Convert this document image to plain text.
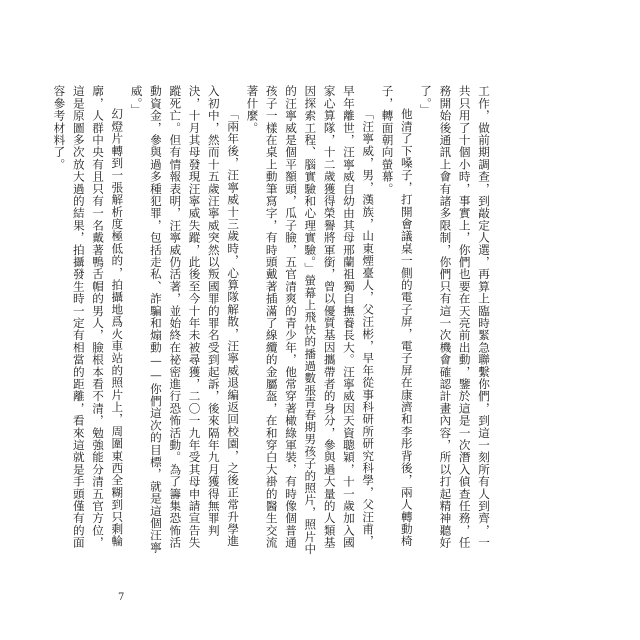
工作，做前期調查，到敲定人選，再算上臨時緊急聯繫你們，到這一刻所有人到齊，一共只用了十個小時，事實上，你們也要在天亮前出動，鑒於這是一次潛入偵查任務，任務開始後通訊上會有諸多限制，你們只有這一次機會確認計畫內容，所以打起精神聽好了。」

他清了下嗓子，打開會議桌一側的電子屏，電子屏在康濟和李彤背後，兩人轉動椅子，轉面朝向螢幕。

「汪寧威，男，漢族，山東煙臺人，父汪彬，早年從事科研所研究科學，父汪甫，早年離世，汪寧威自幼由其母邢蘭祖獨自撫養長大。汪寧威因天資聰穎，十一歲加入國家心算隊，十二歲獲得榮譽將軍銜，曾以優質基因攜帶者的身分，參與過大量的人類基因探索工程、腦實驗和心理實驗。」螢幕上飛快的播過數張青春期男孩子的照片，照片中的汪寧威是個平額頭，瓜子臉，五官清爽的青少年，他常穿著橄綠軍裝，有時像個普通孩子一樣在桌上動筆寫字，有時頭戴著插滿了線纜的金屬盔，在和穿白大褂的醫生交流著什麼。

「兩年後，汪寧威十三歲時，心算隊解散，汪寧威退編返回校園，之後正常升學進入初中，然而十五歲汪寧威突然以叛國罪的罪名受到起訴，後來隔年九月獲得無罪判決，十月其母發現汪寧威失蹤，此後至今十年未被尋獲，二〇一九年受其母申請宣告失蹤死亡。但有情報表明，汪寧威仍活著，並始終在祕密進行恐怖活動。為了籌集恐怖活動資金，參與過多種犯罪，包括走私、詐騙和煽動——你們這次的目標，就是這個汪寧威。」

幻燈片轉到一張解析度極低的，拍攝地爲火車站的照片上，周圍東西全糊到只剩輪廓，人群中央有且只有一名戴著鴨舌帽的男人，臉根本看不清，勉強能分清五官方位，這是原圖多次放大過的結果，拍攝發生時一定有相當的距離，看來這就是手頭僅有的面容參考材料了。

7
